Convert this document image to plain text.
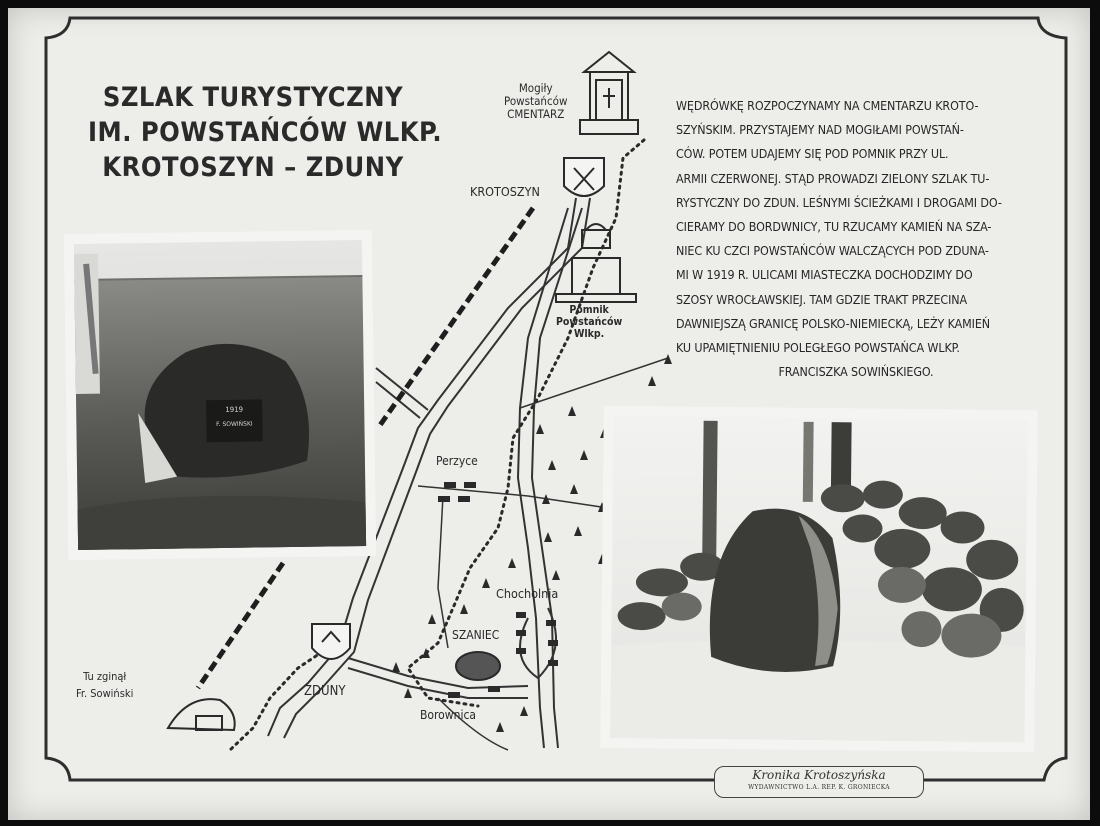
SZLAK TURYSTYCZNY
IM. POWSTAŃCÓW WLKP.
KROTOSZYN – ZDUNY
WĘDRÓWKĘ ROZPOCZYNAMY NA CMENTARZU KROTO-
SZYŃSKIM. PRZYSTAJEMY NAD MOGIŁAMI POWSTAŃ-
CÓW. POTEM UDAJEMY SIĘ POD POMNIK PRZY UL.
ARMII CZERWONEJ. STĄD PROWADZI ZIELONY SZLAK TU-
RYSTYCZNY DO ZDUN. LEŚNYMI ŚCIEŻKAMI I DROGAMI DO-
CIERAMY DO BORDWNICY, TU RZUCAMY KAMIEŃ NA SZA-
NIEC KU CZCI POWSTAŃCÓW WALCZĄCYCH POD ZDUNA-
MI W 1919 R. ULICAMI MIASTECZKA DOCHODZIMY DO
SZOSY WROCŁAWSKIEJ. TAM GDZIE TRAKT PRZECINA
DAWNIEJSZĄ GRANICĘ POLSKO-NIEMIECKĄ, LEŻY KAMIEŃ
KU UPAMIĘTNIENIU POLEGŁEGO POWSTAŃCA WLKP.
FRANCISZKA SOWIŃSKIEGO.
Mogiły
Powstańców
CMENTARZ
KROTOSZYN
Pomnik
Powstańców
Wlkp.
Perzyce
Chocholnia
SZANIEC
ZDUNY
Borownica
Tu zginął
Fr. Sowiński
1919
F. SOWIŃSKI
Kronika Krotoszyńska
WYDAWNICTWO L.A. REP. K. GRONIECKA
